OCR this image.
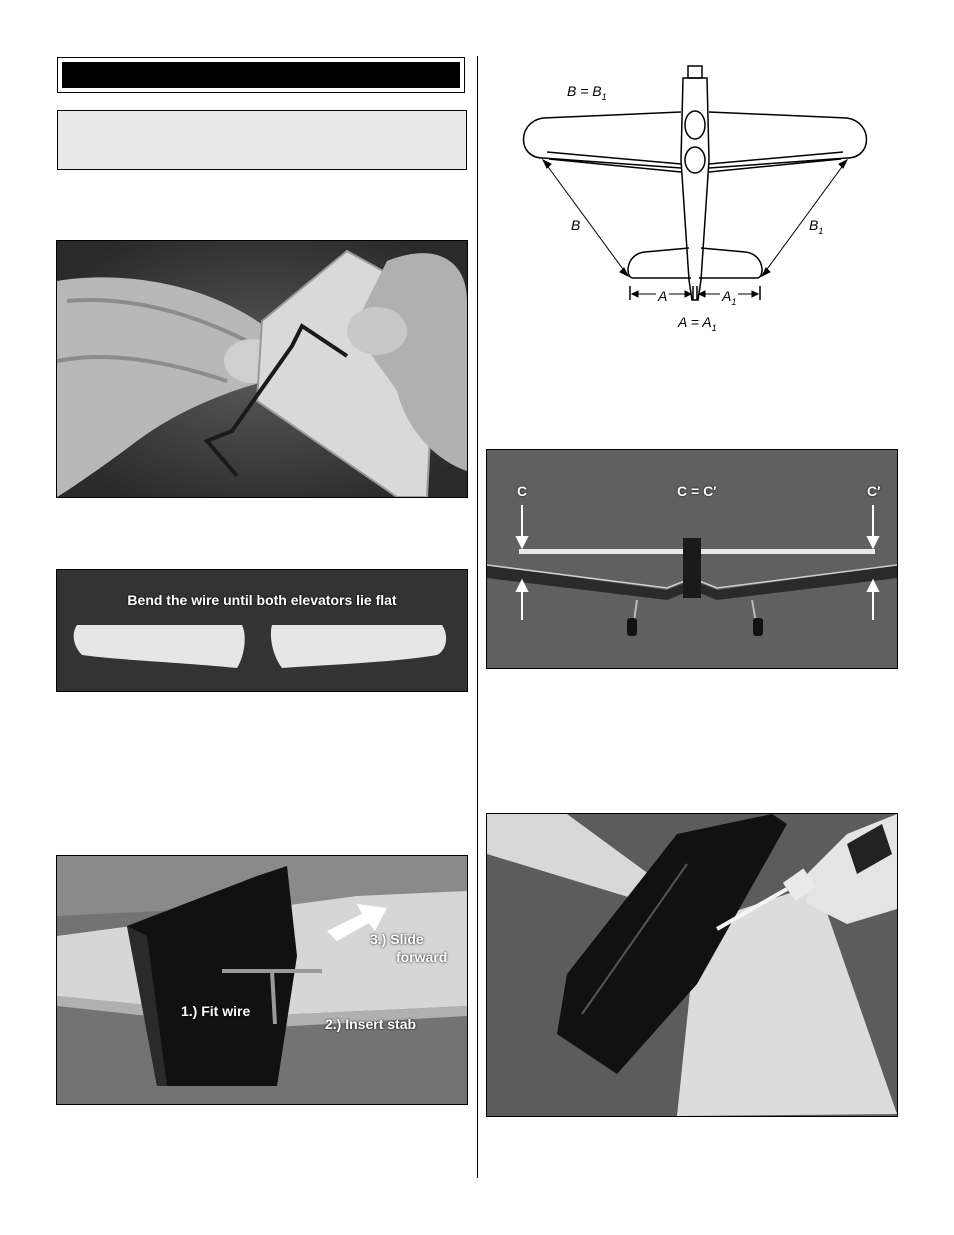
Bend the wire until both elevators lie flat
1.) Fit wire
2.) Insert stab
3.) Slide
forward
$B = B_1$
B	$B_1$
A	$A_1$
$A = A_1$
C	C = C′	C′
